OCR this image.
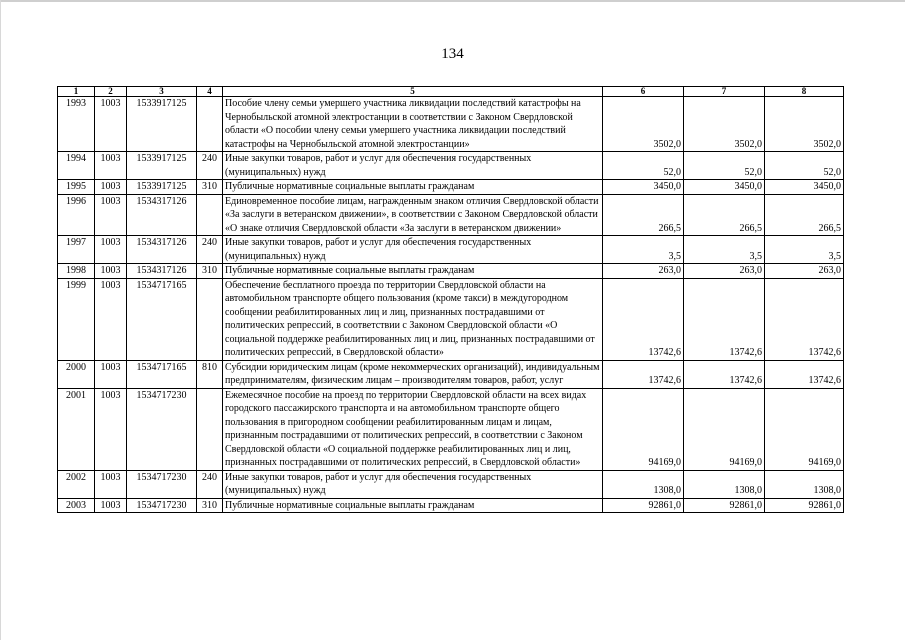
134
1	2	3	4	5	6	7	8
1993	1003	1533917125		Пособие члену семьи умершего участника ликвидации последствий катастрофы на Чернобыльской атомной электростанции в соответствии с Законом Свердловской области «О пособии члену семьи умершего участника ликвидации последствий катастрофы на Чернобыльской атомной электростанции»	3502,0	3502,0	3502,0
1994	1003	1533917125	240	Иные закупки товаров, работ и услуг для обеспечения государственных (муниципальных) нужд	52,0	52,0	52,0
1995	1003	1533917125	310	Публичные нормативные социальные выплаты гражданам	3450,0	3450,0	3450,0
1996	1003	1534317126		Единовременное пособие лицам, награжденным знаком отличия Свердловской области «За заслуги в ветеранском движении», в соответствии с Законом Свердловской области «О знаке отличия Свердловской области «За заслуги в ветеранском движении»	266,5	266,5	266,5
1997	1003	1534317126	240	Иные закупки товаров, работ и услуг для обеспечения государственных (муниципальных) нужд	3,5	3,5	3,5
1998	1003	1534317126	310	Публичные нормативные социальные выплаты гражданам	263,0	263,0	263,0
1999	1003	1534717165		Обеспечение бесплатного проезда по территории Свердловской области на автомобильном транспорте общего пользования (кроме такси) в междугородном сообщении реабилитированных лиц и лиц, признанных пострадавшими от политических репрессий, в соответствии с Законом Свердловской области «О социальной поддержке реабилитированных лиц и лиц, признанных пострадавшими от политических репрессий, в Свердловской области»	13742,6	13742,6	13742,6
2000	1003	1534717165	810	Субсидии юридическим лицам (кроме некоммерческих организаций), индивидуальным предпринимателям, физическим лицам – производителям товаров, работ, услуг	13742,6	13742,6	13742,6
2001	1003	1534717230		Ежемесячное пособие на проезд по территории Свердловской области на всех видах городского пассажирского транспорта и на автомобильном транспорте общего пользования в пригородном сообщении реабилитированным лицам и лицам, признанным пострадавшими от политических репрессий, в соответствии с Законом Свердловской области «О социальной поддержке реабилитированных лиц и лиц, признанных пострадавшими от политических репрессий, в Свердловской области»	94169,0	94169,0	94169,0
2002	1003	1534717230	240	Иные закупки товаров, работ и услуг для обеспечения государственных (муниципальных) нужд	1308,0	1308,0	1308,0
2003	1003	1534717230	310	Публичные нормативные социальные выплаты гражданам	92861,0	92861,0	92861,0
